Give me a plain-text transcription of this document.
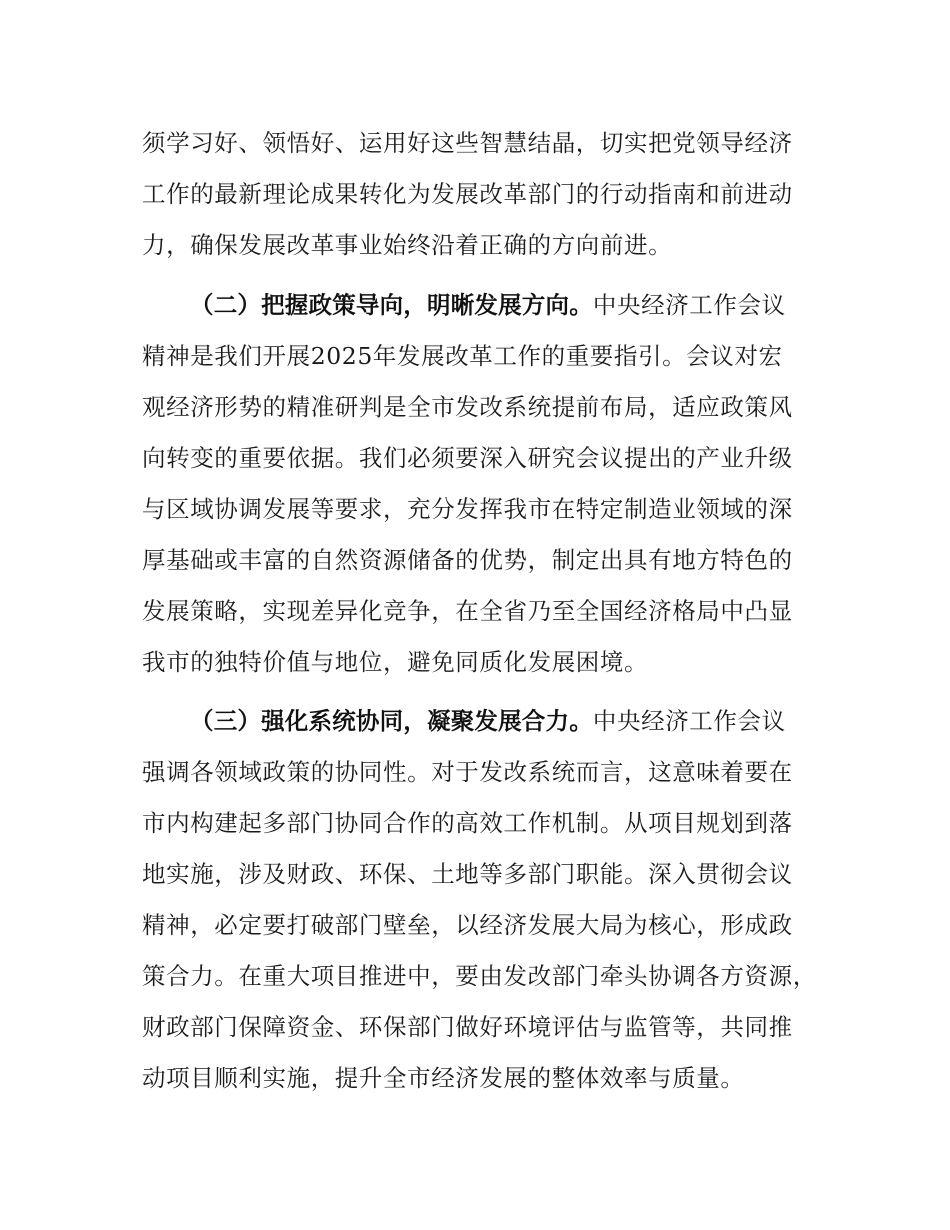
须学习好、领悟好、运用好这些智慧结晶，切实把党领导经济
工作的最新理论成果转化为发展改革部门的行动指南和前进动
力，确保发展改革事业始终沿着正确的方向前进。
（二）把握政策导向，明晰发展方向。中央经济工作会议
精神是我们开展2025年发展改革工作的重要指引。会议对宏
观经济形势的精准研判是全市发改系统提前布局，适应政策风
向转变的重要依据。我们必须要深入研究会议提出的产业升级
与区域协调发展等要求，充分发挥我市在特定制造业领域的深
厚基础或丰富的自然资源储备的优势，制定出具有地方特色的
发展策略，实现差异化竞争，在全省乃至全国经济格局中凸显
我市的独特价值与地位，避免同质化发展困境。
（三）强化系统协同，凝聚发展合力。中央经济工作会议
强调各领域政策的协同性。对于发改系统而言，这意味着要在
市内构建起多部门协同合作的高效工作机制。从项目规划到落
地实施，涉及财政、环保、土地等多部门职能。深入贯彻会议
精神，必定要打破部门壁垒，以经济发展大局为核心，形成政
策合力。在重大项目推进中，要由发改部门牵头协调各方资源，
财政部门保障资金、环保部门做好环境评估与监管等，共同推
动项目顺利实施，提升全市经济发展的整体效率与质量。
